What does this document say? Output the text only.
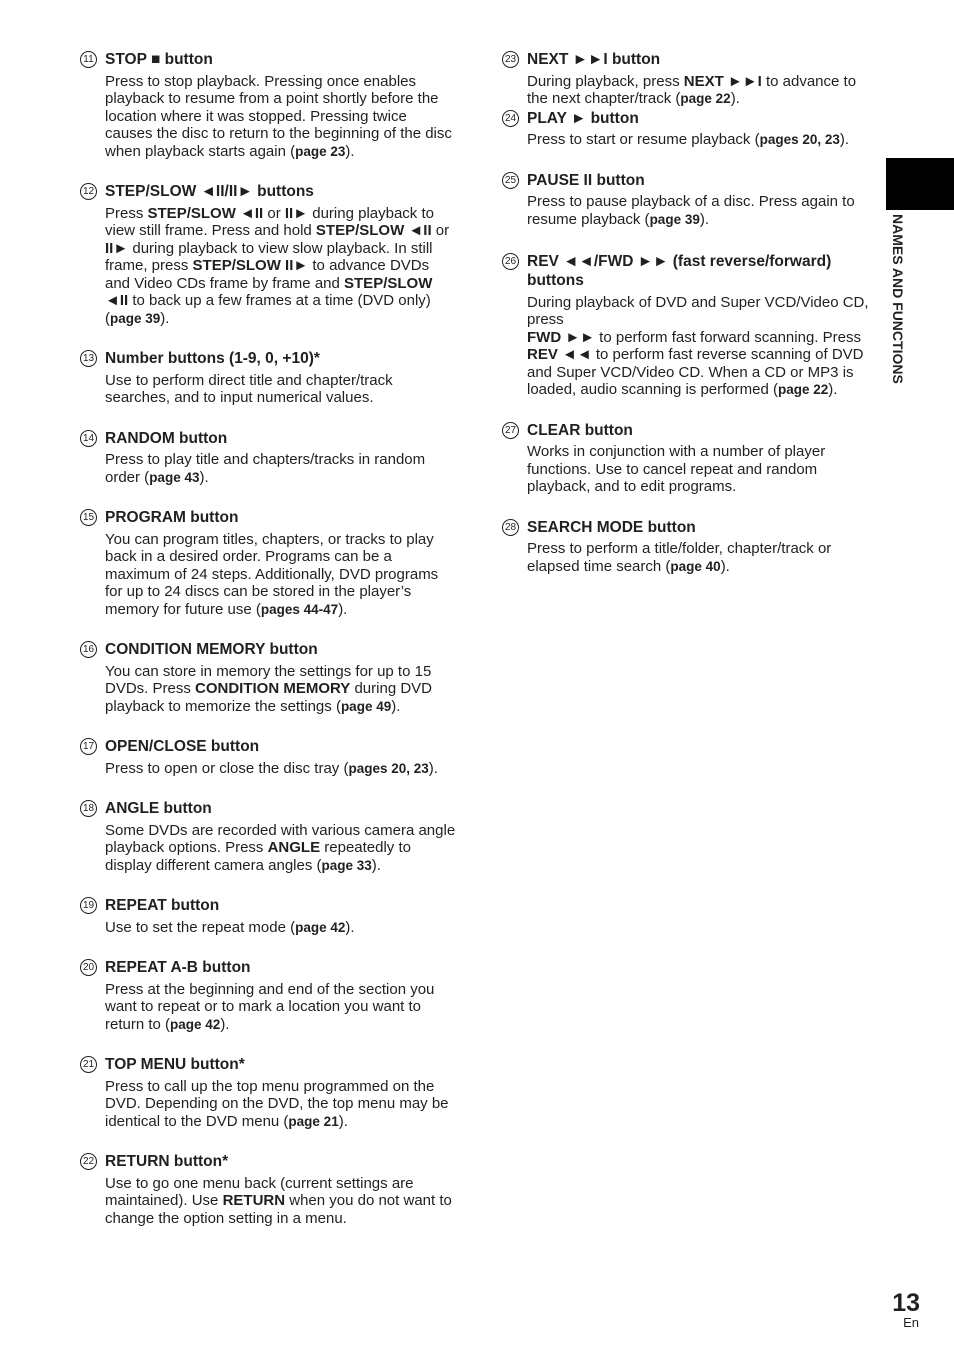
11 STOP ■ button
Press to stop playback. Pressing once enables playback to resume from a point shortly before the location where it was stopped. Pressing twice causes the disc to return to the beginning of the disc when playback starts again (page 23).
12 STEP/SLOW ◄II/II► buttons
Press STEP/SLOW ◄II or II► during playback to view still frame. Press and hold STEP/SLOW ◄II or II► during playback to view slow playback. In still frame, press STEP/SLOW II► to advance DVDs and Video CDs frame by frame and STEP/SLOW ◄II to back up a few frames at a time (DVD only) (page 39).
13 Number buttons (1-9, 0, +10)*
Use to perform direct title and chapter/track searches, and to input numerical values.
14 RANDOM button
Press to play title and chapters/tracks in random order (page 43).
15 PROGRAM button
You can program titles, chapters, or tracks to play back in a desired order. Programs can be a maximum of 24 steps. Additionally, DVD programs for up to 24 discs can be stored in the player’s memory for future use (pages 44-47).
16 CONDITION MEMORY button
You can store in memory the settings for up to 15 DVDs. Press CONDITION MEMORY during DVD playback to memorize the settings (page 49).
17 OPEN/CLOSE button
Press to open or close the disc tray (pages 20, 23).
18 ANGLE button
Some DVDs are recorded with various camera angle playback options. Press ANGLE repeatedly to display different camera angles (page 33).
19 REPEAT button
Use to set the repeat mode (page 42).
20 REPEAT A-B button
Press at the beginning and end of the section you want to repeat or to mark a location you want to return to (page 42).
21 TOP MENU button*
Press to call up the top menu programmed on the DVD. Depending on the DVD, the top menu may be identical to the DVD menu (page 21).
22 RETURN button*
Use to go one menu back (current settings are maintained). Use RETURN when you do not want to change the option setting in a menu.
23 NEXT ►►I button
During playback, press NEXT ►►I to advance to the next chapter/track (page 22).
24 PLAY ► button
Press to start or resume playback (pages 20, 23).
25 PAUSE II button
Press to pause playback of a disc. Press again to resume playback (page 39).
26 REV ◄◄/FWD ►► (fast reverse/forward) buttons
During playback of DVD and Super VCD/Video CD, press
FWD ►► to perform fast forward scanning. Press REV ◄◄ to perform fast reverse scanning of DVD and Super VCD/Video CD. When a CD or MP3 is loaded, audio scanning is performed (page 22).
27 CLEAR button
Works in conjunction with a number of player functions. Use to cancel repeat and random playback, and to edit programs.
28 SEARCH MODE button
Press to perform a title/folder, chapter/track or elapsed time search (page 40).
NAMES AND FUNCTIONS
13
En
